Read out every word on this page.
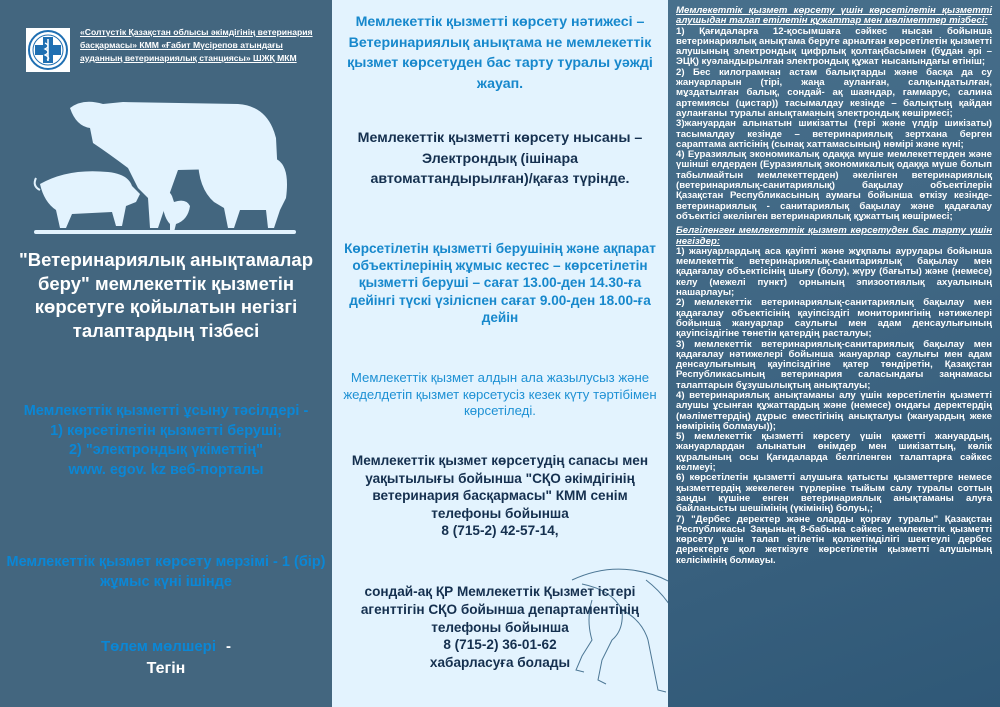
«Солтүстік Қазақстан облысы әкімдігінің ветеринария басқармасы» КММ «Ғабит Мүсірепов атындағы ауданның ветеринариялық станциясы» ШЖҚ МКМ
"Ветеринариялық анықтамалар беру" мемлекеттік қызметін көрсетуге қойылатын негізгі талаптардың тізбесі
Мемлекеттік қызметті ұсыну тәсілдері -
1) көрсетілетін қызметті беруші;
2) "электрондық үкіметтің"
www. egov. kz веб-порталы
Мемлекеттік қызмет көрсету мерзімі - 1 (бір) жұмыс күні ішінде
Төлем мөлшері -
Тегін
Мемлекеттік қызметті көрсету нәтижесі – Ветеринариялық анықтама не мемлекеттік қызмет көрсетуден бас тарту туралы уәжді жауап.
Мемлекеттік қызметті көрсету нысаны – Электрондық (ішінара автоматтандырылған)/қағаз түрінде.
Көрсетілетін қызметті берушінің және ақпарат объектілерінің жұмыс кестес – көрсетілетін қызметті беруші – сағат 13.00-ден 14.30-ға дейінгі түскі үзіліспен сағат 9.00-ден 18.00-ға дейін
Мемлекеттік қызмет алдын ала жазылусыз және жеделдетіп қызмет көрсетусіз кезек күту тәртібімен көрсетіледі.
Мемлекеттік қызмет көрсетудің сапасы мен уақытылығы бойынша "СҚО әкімдігінің ветеринария басқармасы" КММ сенім телефоны бойынша
8 (715-2) 42-57-14,
сондай-ақ ҚР Мемлекеттік Қызмет істері агенттігін СҚО бойынша департаментінің телефоны бойынша
8 (715-2) 36-01-62
хабарласуға болады
Мемлекеттік қызмет көрсету үшін көрсетілетін қызметті алушыдан талап етілетін құжаттар мен мәліметтер тізбесі:
1) Қағидаларға 12-қосымшаға сәйкес нысан бойынша ветеринариялық анықтама беруге арналған көрсетілетін қызметті алушының электрондық цифрлық қолтаңбасымен (бұдан әрі – ЭЦҚ) куәландырылған электрондық құжат нысанындағы өтініш;
2) Бес килограмнан астам балықтарды және басқа да су жануарларын (тірі, жаңа ауланған, салқындатылған, мұздатылған балық, сондай- ақ шаяндар, гаммарус, салина артемиясы (цистар)) тасымалдау кезінде – балықтың қайдан ауланғаны туралы анықтаманың электрондық көшірмесі;
3)жануардан алынатын шикізатты (тері және үлдір шикізаты) тасымалдау кезінде – ветеринариялық зертхана берген сараптама актісінің (сынақ хаттамасының) нөмірі және күні;
4) Еуразиялық экономикалық одаққа мүше мемлекеттерден және үшінші елдерден (Еуразиялық экономикалық одаққа мүше болып табылмайтын мемлекеттерден) әкелінген ветеринариялық (ветеринариялық-санитариялық) бақылау объектілерін Қазақстан Республикасының аумағы бойынша өткізу кезінде-ветеринариялық - санитариялық бақылау және қадағалау объектісі әкелінген ветеринариялық құжаттың көшірмесі;
Белгіленген мемлекеттік қызмет көрсетуден бас тарту үшін негіздер:
1) жануарлардың аса қауіпті және жұқпалы аурулары бойынша мемлекеттік ветеринариялық-санитариялық бақылау мен қадағалау объектісінің шығу (болу), жүру (бағыты) және (немесе) келу (межелі пункт) орнының эпизоотиялық ахуалының нашарлауы;
2) мемлекеттік ветеринариялық-санитариялық бақылау мен қадағалау объектісінің қауіпсіздігі мониторингінің нәтижелері бойынша жануарлар саулығы мен адам денсаулығының қауіпсіздігіне төнетін қатердің расталуы;
3) мемлекеттік ветеринариялық-санитариялық бақылау мен қадағалау нәтижелері бойынша жануарлар саулығы мен адам денсаулығының қауіпсіздігіне қатер төндіретін, Қазақстан Республикасының ветеринария саласындағы заңнамасы талаптарын бұзушылықтың анықталуы;
4) ветеринариялық анықтаманы алу үшін көрсетілетін қызметті алушы ұсынған құжаттардың және (немесе) ондағы деректердің (мәліметтердің) дұрыс еместігінің анықталуы (жануардың жеке нөмірінің болмауы));
5) мемлекеттік қызметті көрсету үшін қажетті жануардың, жануарлардан алынатын өнімдер мен шикізаттың, көлік құралының осы Қағидаларда белгіленген талаптарға сәйкес келмеуі;
6) көрсетілетін қызметті алушыға қатысты қызметтерге немесе қызметтердің жекелеген түрлеріне тыйым салу туралы соттың заңды күшіне енген ветеринариялық анықтаманы алуға байланысты шешімінің (үкімінің) болуы,;
7) "Дербес деректер және оларды қорғау туралы" Қазақстан Республикасы Заңының 8-бабына сәйкес мемлекеттік қызметті көрсету үшін талап етілетін қолжетімділігі шектеулі дербес деректерге қол жеткізуге көрсетілетін қызметті алушының келісімінің болмауы.
